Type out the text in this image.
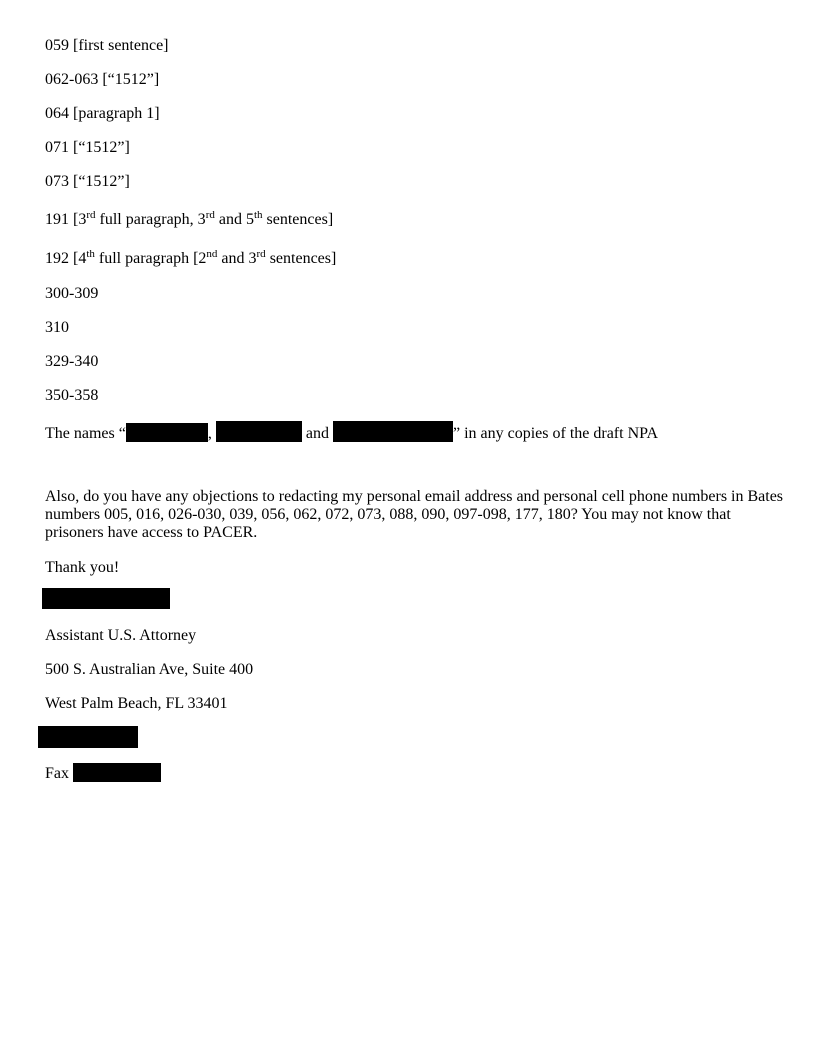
059 [first sentence]
062-063 [“1512”]
064 [paragraph 1]
071 [“1512”]
073 [“1512”]
191 [3rd full paragraph, 3rd and 5th sentences]
192 [4th full paragraph [2nd and 3rd sentences]
300-309
310
329-340
350-358
The names “	,	and	” in any copies of the draft NPA
Also, do you have any objections to redacting my personal email address and personal cell phone numbers in Bates numbers 005, 016, 026-030, 039, 056, 062, 072, 073, 088, 090, 097-098, 177, 180? You may not know that prisoners have access to PACER.
Thank you!
Assistant U.S. Attorney
500 S. Australian Ave, Suite 400
West Palm Beach, FL 33401
Fax
